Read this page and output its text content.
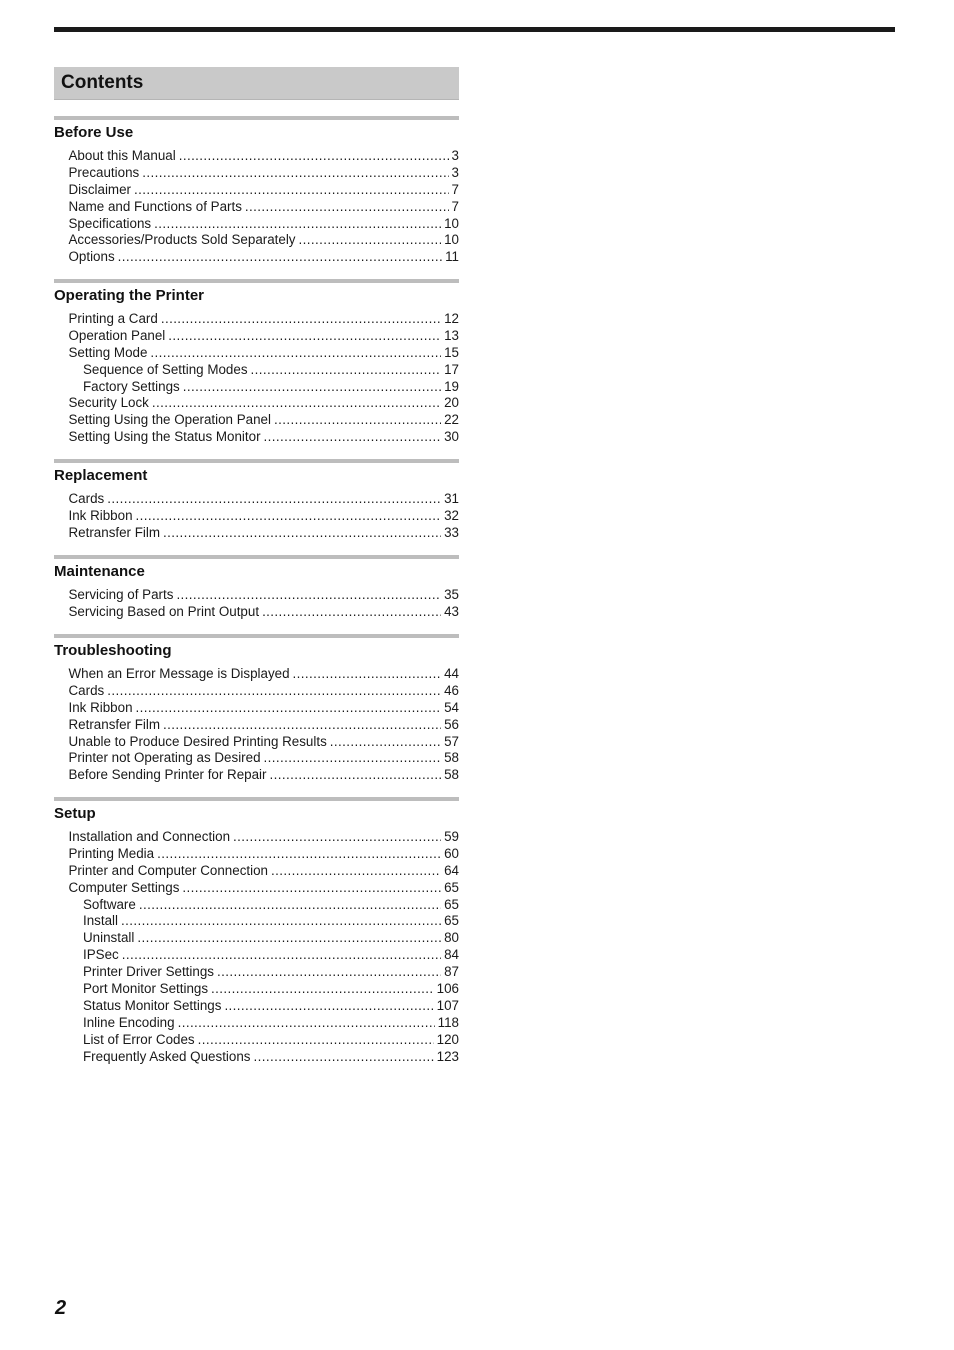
Contents
Before Use
About this Manual .....	3
Precautions .....	3
Disclaimer .....	7
Name and Functions of Parts .....	7
Specifications .....	10
Accessories/Products Sold Separately .....	10
Options .....	11
Operating the Printer
Printing a Card .....	12
Operation Panel .....	13
Setting Mode .....	15
Sequence of Setting Modes .....	17
Factory Settings .....	19
Security Lock .....	20
Setting Using the Operation Panel .....	22
Setting Using the Status Monitor .....	30
Replacement
Cards .....	31
Ink Ribbon .....	32
Retransfer Film .....	33
Maintenance
Servicing of Parts .....	35
Servicing Based on Print Output .....	43
Troubleshooting
When an Error Message is Displayed .....	44
Cards .....	46
Ink Ribbon .....	54
Retransfer Film .....	56
Unable to Produce Desired Printing Results .....	57
Printer not Operating as Desired .....	58
Before Sending Printer for Repair .....	58
Setup
Installation and Connection .....	59
Printing Media .....	60
Printer and Computer Connection .....	64
Computer Settings .....	65
Software .....	65
Install .....	65
Uninstall .....	80
IPSec .....	84
Printer Driver Settings .....	87
Port Monitor Settings .....	106
Status Monitor Settings .....	107
Inline Encoding .....	118
List of Error Codes .....	120
Frequently Asked Questions .....	123
2
